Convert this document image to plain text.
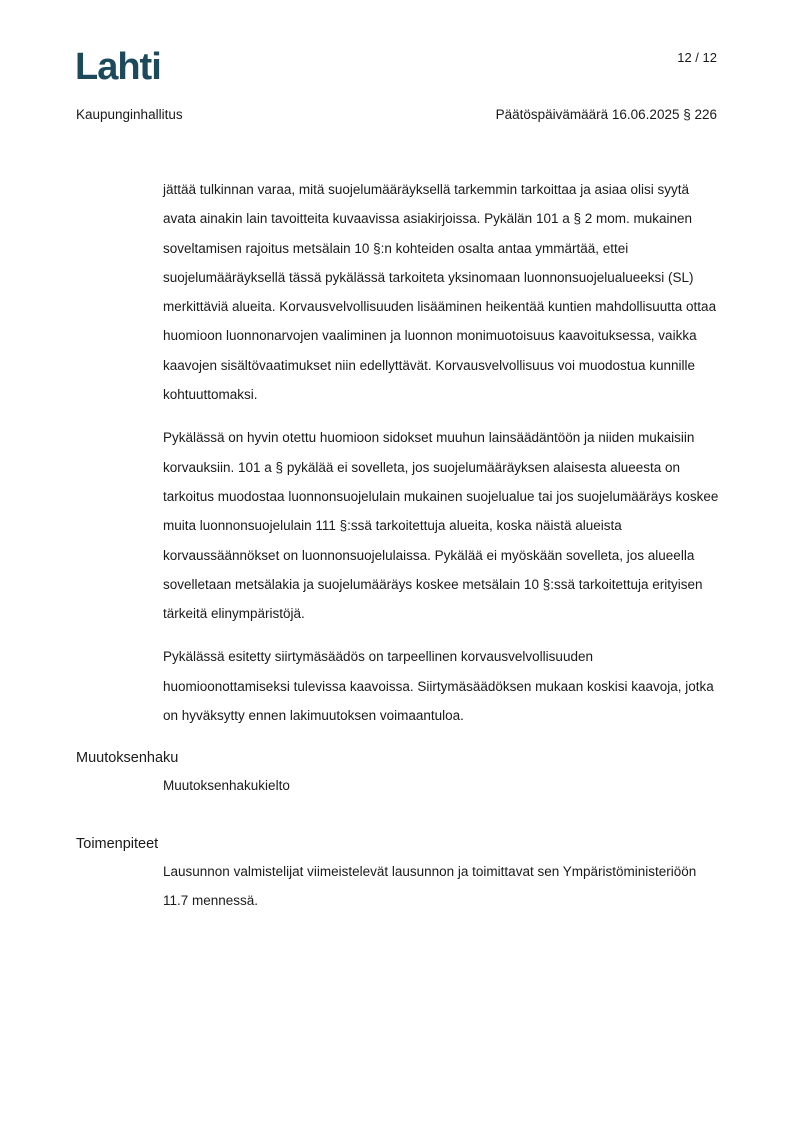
Lahti	12 / 12
Kaupunginhallitus	Päätöspäivämäärä 16.06.2025 § 226

jättää tulkinnan varaa, mitä suojelumääräyksellä tarkemmin tarkoittaa ja asiaa olisi syytä avata ainakin lain tavoitteita kuvaavissa asiakirjoissa. Pykälän 101 a § 2 mom. mukainen soveltamisen rajoitus metsälain 10 §:n kohteiden osalta antaa ymmärtää, ettei suojelumääräyksellä tässä pykälässä tarkoiteta yksinomaan luonnonsuojelualueeksi (SL) merkittäviä alueita. Korvausvelvollisuuden lisääminen heikentää kuntien mahdollisuutta ottaa huomioon luonnonarvojen vaaliminen ja luonnon monimuotoisuus kaavoituksessa, vaikka kaavojen sisältövaatimukset niin edellyttävät. Korvausvelvollisuus voi muodostua kunnille kohtuuttomaksi.

Pykälässä on hyvin otettu huomioon sidokset muuhun lainsäädäntöön ja niiden mukaisiin korvauksiin. 101 a § pykälää ei sovelleta, jos suojelumääräyksen alaisesta alueesta on tarkoitus muodostaa luonnonsuojelulain mukainen suojelualue tai jos suojelumääräys koskee muita luonnonsuojelulain 111 §:ssä tarkoitettuja alueita, koska näistä alueista korvaussäännökset on luonnonsuojelulaissa. Pykälää ei myöskään sovelleta, jos alueella sovelletaan metsälakia ja suojelumääräys koskee metsälain 10 §:ssä tarkoitettuja erityisen tärkeitä elinympäristöjä.

Pykälässä esitetty siirtymäsäädös on tarpeellinen korvausvelvollisuuden huomioonottamiseksi tulevissa kaavoissa. Siirtymäsäädöksen mukaan koskisi kaavoja, jotka on hyväksytty ennen lakimuutoksen voimaantuloa.

Muutoksenhaku
Muutoksenhakukielto
Toimenpiteet
Lausunnon valmistelijat viimeistelevät lausunnon ja toimittavat sen Ympäristöministeriöön 11.7 mennessä.
